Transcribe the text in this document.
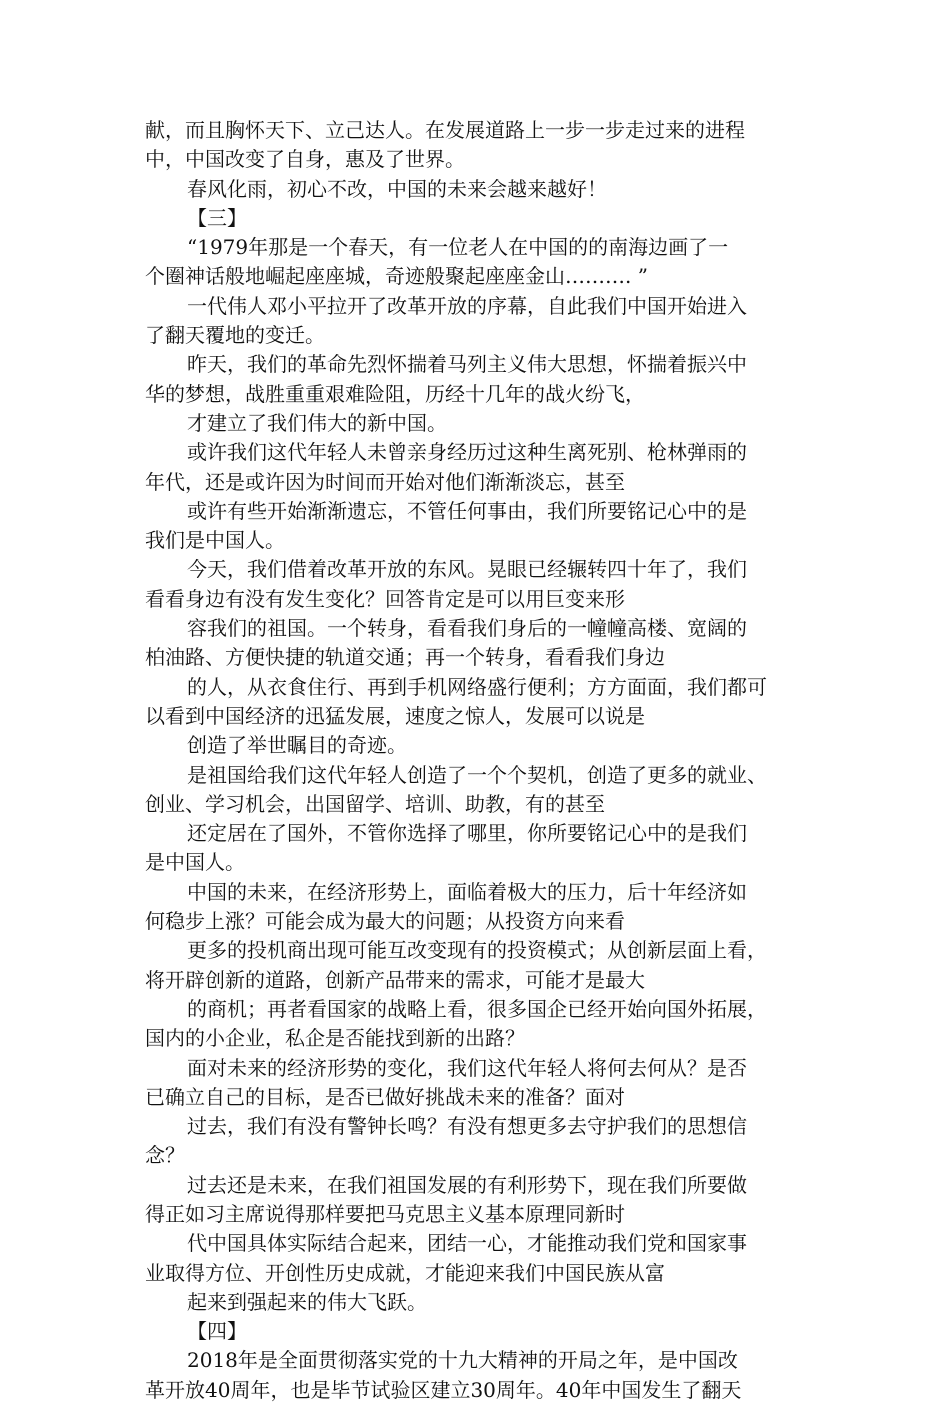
献，而且胸怀天下、立己达人。在发展道路上一步一步走过来的进程
中，中国改变了自身，惠及了世界。
春风化雨，初心不改，中国的未来会越来越好！
【三】
“1979年那是一个春天，有一位老人在中国的的南海边画了一
个圈神话般地崛起座座城，奇迹般聚起座座金山………. ”
一代伟人邓小平拉开了改革开放的序幕，自此我们中国开始进入
了翻天覆地的变迁。
昨天，我们的革命先烈怀揣着马列主义伟大思想，怀揣着振兴中
华的梦想，战胜重重艰难险阻，历经十几年的战火纷飞，
才建立了我们伟大的新中国。
或许我们这代年轻人未曾亲身经历过这种生离死别、枪林弹雨的
年代，还是或许因为时间而开始对他们渐渐淡忘，甚至
或许有些开始渐渐遗忘，不管任何事由，我们所要铭记心中的是
我们是中国人。
今天，我们借着改革开放的东风。晃眼已经辗转四十年了，我们
看看身边有没有发生变化？回答肯定是可以用巨变来形
容我们的祖国。一个转身，看看我们身后的一幢幢高楼、宽阔的
柏油路、方便快捷的轨道交通；再一个转身，看看我们身边
的人，从衣食住行、再到手机网络盛行便利；方方面面，我们都可
以看到中国经济的迅猛发展，速度之惊人，发展可以说是
创造了举世瞩目的奇迹。
是祖国给我们这代年轻人创造了一个个契机，创造了更多的就业、
创业、学习机会，出国留学、培训、助教，有的甚至
还定居在了国外，不管你选择了哪里，你所要铭记心中的是我们
是中国人。
中国的未来，在经济形势上，面临着极大的压力，后十年经济如
何稳步上涨？可能会成为最大的问题；从投资方向来看
更多的投机商出现可能互改变现有的投资模式；从创新层面上看，
将开辟创新的道路，创新产品带来的需求，可能才是最大
的商机；再者看国家的战略上看，很多国企已经开始向国外拓展，
国内的小企业，私企是否能找到新的出路？
面对未来的经济形势的变化，我们这代年轻人将何去何从？是否
已确立自己的目标，是否已做好挑战未来的准备？面对
过去，我们有没有警钟长鸣？有没有想更多去守护我们的思想信
念？
过去还是未来，在我们祖国发展的有利形势下，现在我们所要做
得正如习主席说得那样要把马克思主义基本原理同新时
代中国具体实际结合起来，团结一心，才能推动我们党和国家事
业取得方位、开创性历史成就，才能迎来我们中国民族从富
起来到强起来的伟大飞跃。
【四】
2018年是全面贯彻落实党的十九大精神的开局之年，是中国改
革开放40周年，也是毕节试验区建立30周年。40年中国发生了翻天
